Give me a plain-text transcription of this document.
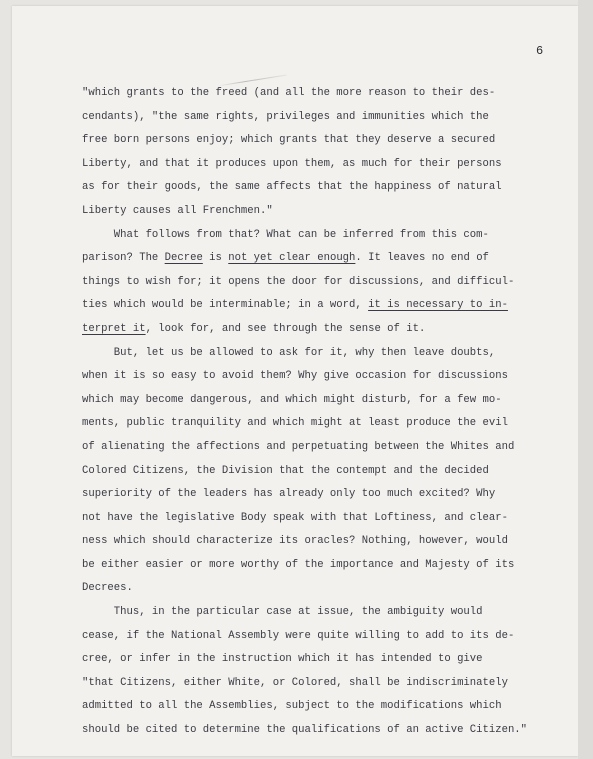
6
"which grants to the freed (and all the more reason to their des-
cendants), "the same rights, privileges and immunities which the
free born persons enjoy; which grants that they deserve a secured
Liberty, and that it produces upon them, as much for their persons
as for their goods, the same affects that the happiness of natural
Liberty causes all Frenchmen."
What follows from that? What can be inferred from this com-
parison? The Decree is not yet clear enough. It leaves no end of
things to wish for; it opens the door for discussions, and difficul-
ties which would be interminable; in a word, it is necessary to in-
terpret it, look for, and see through the sense of it.
But, let us be allowed to ask for it, why then leave doubts,
when it is so easy to avoid them? Why give occasion for discussions
which may become dangerous, and which might disturb, for a few mo-
ments, public tranquility and which might at least produce the evil
of alienating the affections and perpetuating between the Whites and
Colored Citizens, the Division that the contempt and the decided
superiority of the leaders has already only too much excited? Why
not have the legislative Body speak with that Loftiness, and clear-
ness which should characterize its oracles? Nothing, however, would
be either easier or more worthy of the importance and Majesty of its
Decrees.
Thus, in the particular case at issue, the ambiguity would
cease, if the National Assembly were quite willing to add to its de-
cree, or infer in the instruction which it has intended to give
"that Citizens, either White, or Colored, shall be indiscriminately
admitted to all the Assemblies, subject to the modifications which
should be cited to determine the qualifications of an active Citizen."
